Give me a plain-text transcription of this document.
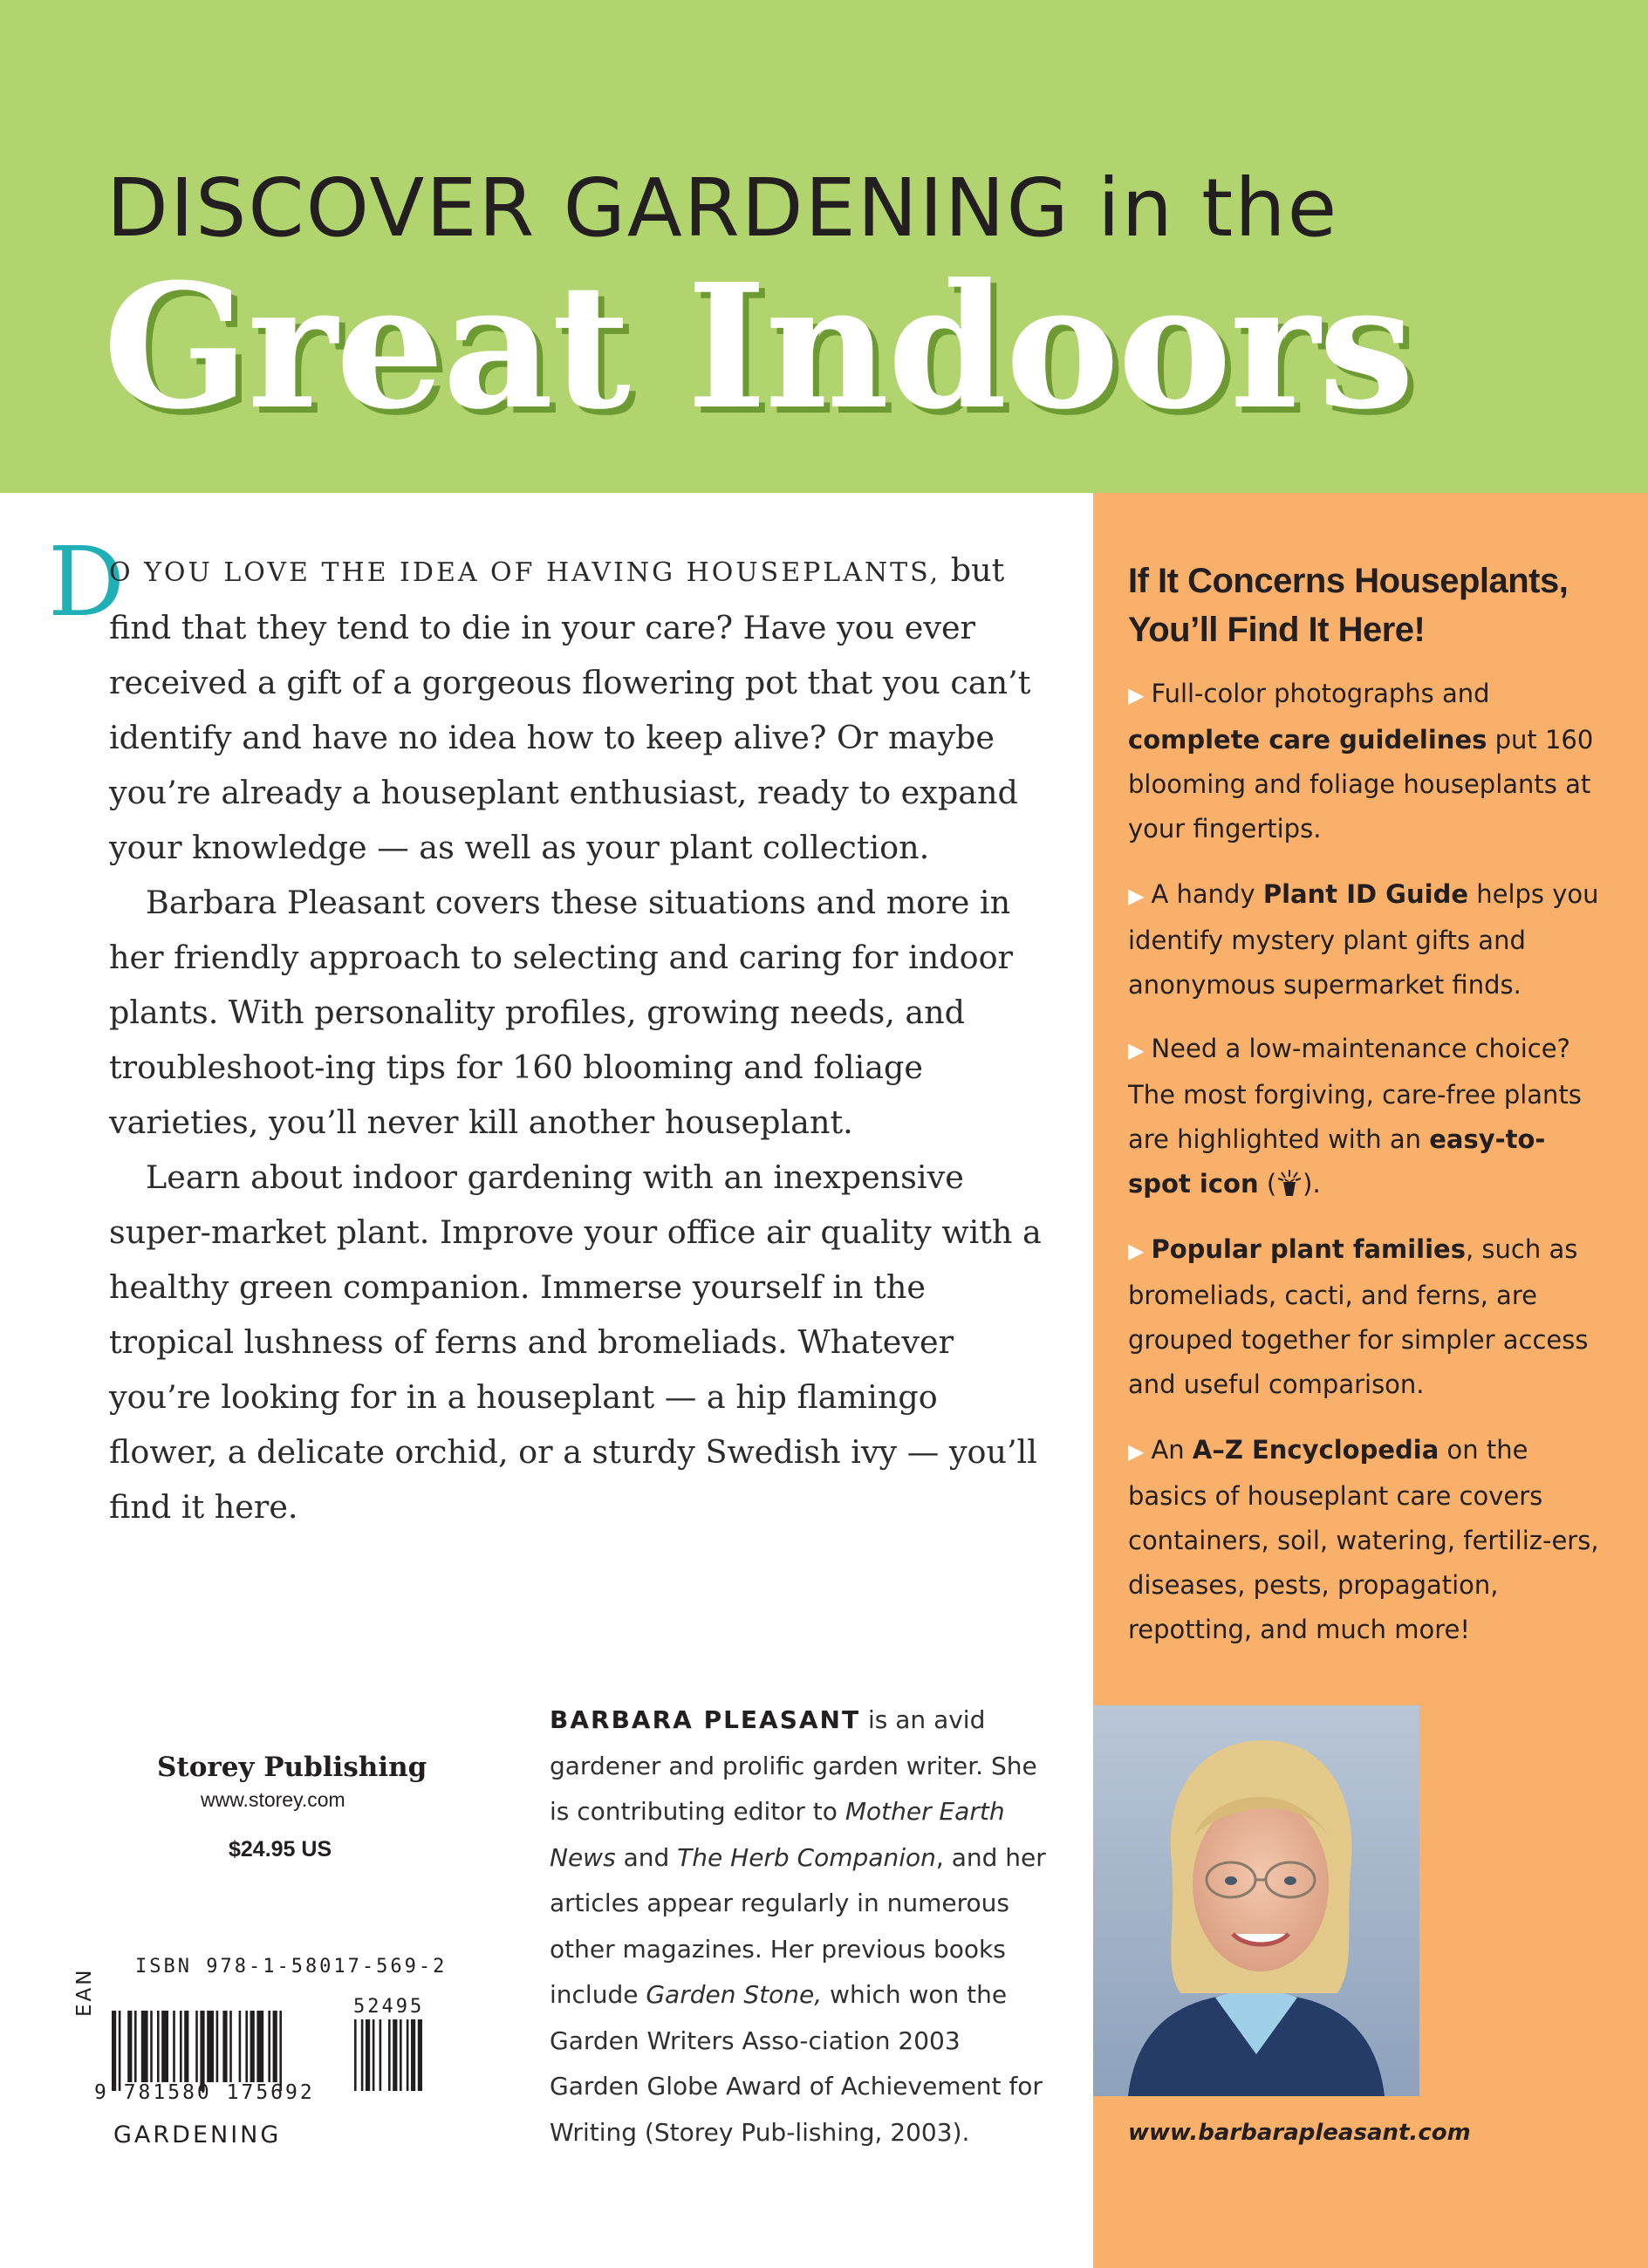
DISCOVER GARDENING in the
Great Indoors
If It Concerns Houseplants,
You’ll Find It Here!
▶ Full-color photographs and complete care guidelines put 160 blooming and foliage houseplants at your fingertips.
▶ A handy Plant ID Guide helps you identify mystery plant gifts and anonymous supermarket finds.
▶ Need a low-maintenance choice? The most forgiving, care-free plants are highlighted with an easy-to-spot icon ( ).
▶ Popular plant families, such as bromeliads, cacti, and ferns, are grouped together for simpler access and useful comparison.
▶ An A–Z Encyclopedia on the basics of houseplant care covers containers, soil, watering, fertiliz-ers, diseases, pests, propagation, repotting, and much more!
www.barbarapleasant.com
D

O YOU LOVE THE IDEA OF HAVING HOUSEPLANTS, but find that they tend to die in your care? Have you ever received a gift of a gorgeous flowering pot that you can’t identify and have no idea how to keep alive? Or maybe you’re already a houseplant enthusiast, ready to expand your knowledge — as well as your plant collection.

Barbara Pleasant covers these situations and more in her friendly approach to selecting and caring for indoor plants. With personality profiles, growing needs, and troubleshoot-ing tips for 160 blooming and foliage varieties, you’ll never kill another houseplant.

Learn about indoor gardening with an inexpensive super-market plant. Improve your office air quality with a healthy green companion. Immerse yourself in the tropical lushness of ferns and bromeliads. Whatever you’re looking for in a houseplant — a hip flamingo flower, a delicate orchid, or a sturdy Swedish ivy — you’ll find it here.

Storey Publishing
www.storey.com
$24.95 US
ISBN 978-1-58017-569-2
EAN
9 781580 175692
52495
GARDENING
BARBARA PLEASANT is an avid gardener and prolific garden writer. She is contributing editor to Mother Earth News and The Herb Companion, and her articles appear regularly in numerous other magazines. Her previous books include Garden Stone, which won the Garden Writers Asso-ciation 2003 Garden Globe Award of Achievement for Writing (Storey Pub-lishing, 2003).
